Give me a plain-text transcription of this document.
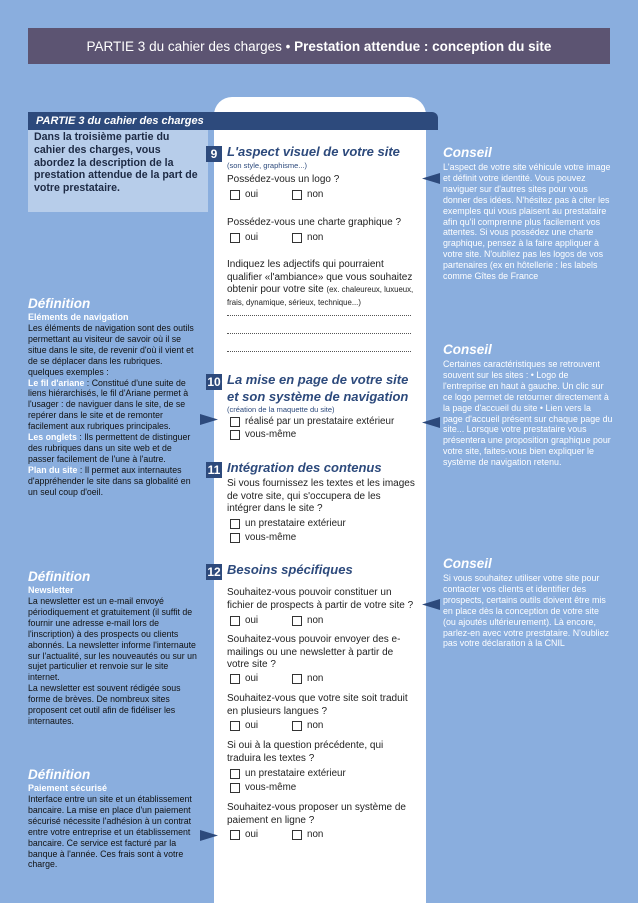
PARTIE 3 du cahier des charges •
Prestation attendue : conception du site
PARTIE 3 du cahier des charges
Dans la troisième partie du cahier des charges, vous abordez la description de la prestation attendue de la part de votre prestataire.
Définition
Eléments de navigation
Les éléments de navigation sont des outils permettant au visiteur de savoir où il se situe dans le site, de revenir d'où il vient et de se déplacer dans les rubriques. quelques exemples :
Le fil d'ariane : Constitué d'une suite de liens hiérarchisés, le fil d'Ariane permet à l'usager : de naviguer dans le site, de se repérer dans le site et de remonter facilement aux rubriques principales.
Les onglets : Ils permettent de distinguer des rubriques dans un site web et de passer facilement de l'une à l'autre.
Plan du site : Il permet aux internautes d'appréhender le site dans sa globalité en un seul coup d'oeil.
Définition
Newsletter
La newsletter est un e-mail envoyé périodiquement et gratuitement (il suffit de fournir une adresse e-mail lors de l'inscription) à des prospects ou clients abonnés. La newsletter informe l'internaute sur l'actualité, sur les nouveautés ou sur un sujet particulier et renvoie sur le site internet.
La newsletter est souvent rédigée sous forme de brèves. De nombreux sites proposent cet outil afin de fidéliser les internautes.
Définition
Paiement sécurisé
Interface entre un site et un établissement bancaire. La mise en place d'un paiement sécurisé nécessite l'adhésion à un contrat entre votre entreprise et un établissement bancaire. Ce service est facturé par la banque à l'année. Ces frais sont à votre charge.
9 L'aspect visuel de votre site
(son style, graphisme...)
Possédez-vous un logo ?
oui	non
Possédez-vous une charte graphique ?
oui	non
Indiquez les adjectifs qui pourraient qualifier «l'ambiance» que vous souhaitez obtenir pour votre site (ex. chaleureux, luxueux, frais, dynamique, sérieux, technique...)
10 La mise en page de votre site
et son système de navigation
(création de la maquette du site)
réalisé par un prestataire extérieur
vous-même
11 Intégration des contenus
Si vous fournissez les textes et les images de votre site, qui s'occupera de les intégrer dans le site ?
un prestataire extérieur
vous-même
12 Besoins spécifiques
Souhaitez-vous pouvoir constituer un fichier de prospects à partir de votre site ?
oui	non
Souhaitez-vous pouvoir envoyer des e-mailings ou une newsletter à partir de votre site ?
oui	non
Souhaitez-vous que votre site soit traduit en plusieurs langues ?
oui	non
Si oui à la question précédente, qui traduira les textes ?
un prestataire extérieur
vous-même
Souhaitez-vous proposer un système de paiement en ligne ?
oui	non
Conseil
L'aspect de votre site véhicule votre image et définit votre identité. Vous pouvez naviguer sur d'autres sites pour vous donner des idées. N'hésitez pas à citer les exemples qui vous plaisent au prestataire afin qu'il comprenne plus facilement vos attentes. Si vous possédez une charte graphique, pensez à la faire appliquer à votre site. N'oubliez pas les logos de vos partenaires (ex en hôtellerie : les labels comme Gîtes de France
Conseil
Certaines caractéristiques se retrouvent souvent sur les sites : • Logo de l'entreprise en haut à gauche. Un clic sur ce logo permet de retourner directement à la page d'accueil du site • Lien vers la page d'accueil présent sur chaque page du site... Lorsque votre prestataire vous présentera une proposition graphique pour votre site, faites-vous bien expliquer le système de navigation retenu.
Conseil
Si vous souhaitez utiliser votre site pour contacter vos clients et identifier des prospects, certains outils doivent être mis en place dès la conception de votre site (ou ajoutés ultérieurement). Là encore, parlez-en avec votre prestataire. N'oubliez pas votre déclaration à la CNIL
